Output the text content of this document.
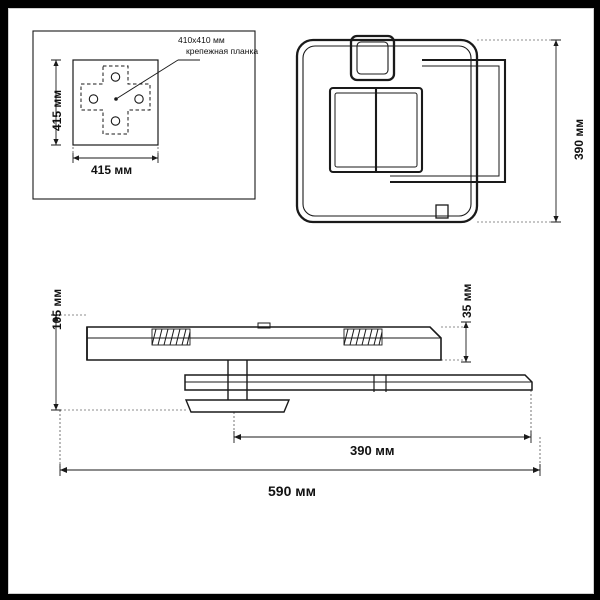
410x410 мм
крепежная планка
415 мм
415 мм
390 мм
105 мм	35 мм
390 мм
590 мм
